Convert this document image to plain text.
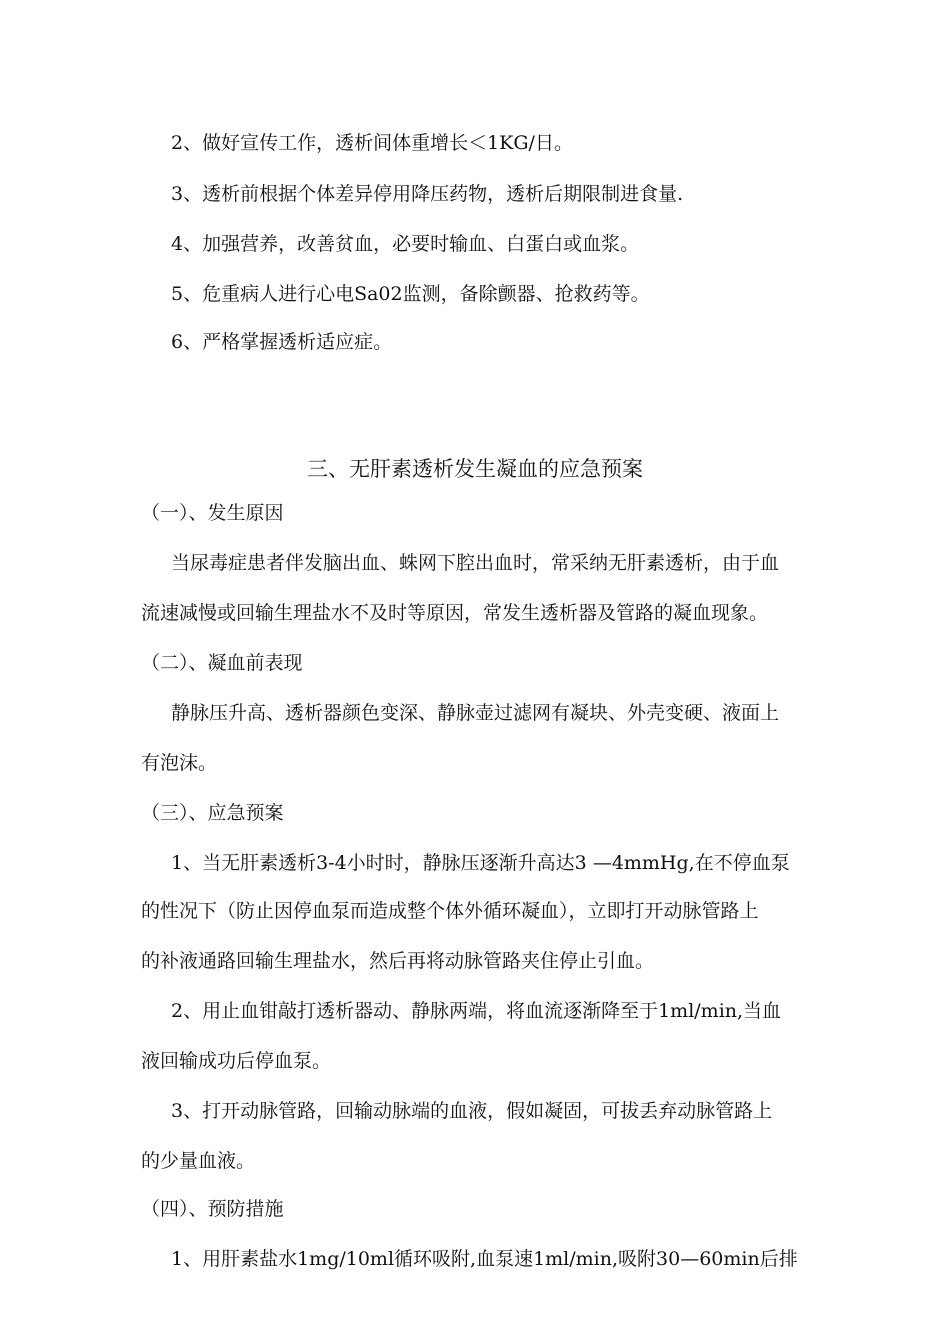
2、做好宣传工作，透析间体重增长＜1KG/日。
3、透析前根据个体差异停用降压药物，透析后期限制进食量.
4、加强营养，改善贫血，必要时输血、白蛋白或血浆。
5、危重病人进行心电Sa02监测，备除颤器、抢救药等。
6、严格掌握透析适应症。
三、无肝素透析发生凝血的应急预案
（一）、发生原因
当尿毒症患者伴发脑出血、蛛网下腔出血时，常采纳无肝素透析，由于血
流速减慢或回输生理盐水不及时等原因，常发生透析器及管路的凝血现象。
（二）、凝血前表现
静脉压升高、透析器颜色变深、静脉壶过滤网有凝块、外壳变硬、液面上
有泡沫。
（三）、应急预案
1、当无肝素透析3-4小时时，静脉压逐渐升高达3 —4mmHg,在不停血泵
的性况下（防止因停血泵而造成整个体外循环凝血），立即打开动脉管路上
的补液通路回输生理盐水，然后再将动脉管路夹住停止引血。
2、用止血钳敲打透析器动、静脉两端，将血流逐渐降至于1ml/min,当血
液回输成功后停血泵。
3、打开动脉管路，回输动脉端的血液，假如凝固，可拔丢弃动脉管路上
的少量血液。
（四）、预防措施
1、用肝素盐水1mg/10ml循环吸附,血泵速1ml/min,吸附30—60min后排
